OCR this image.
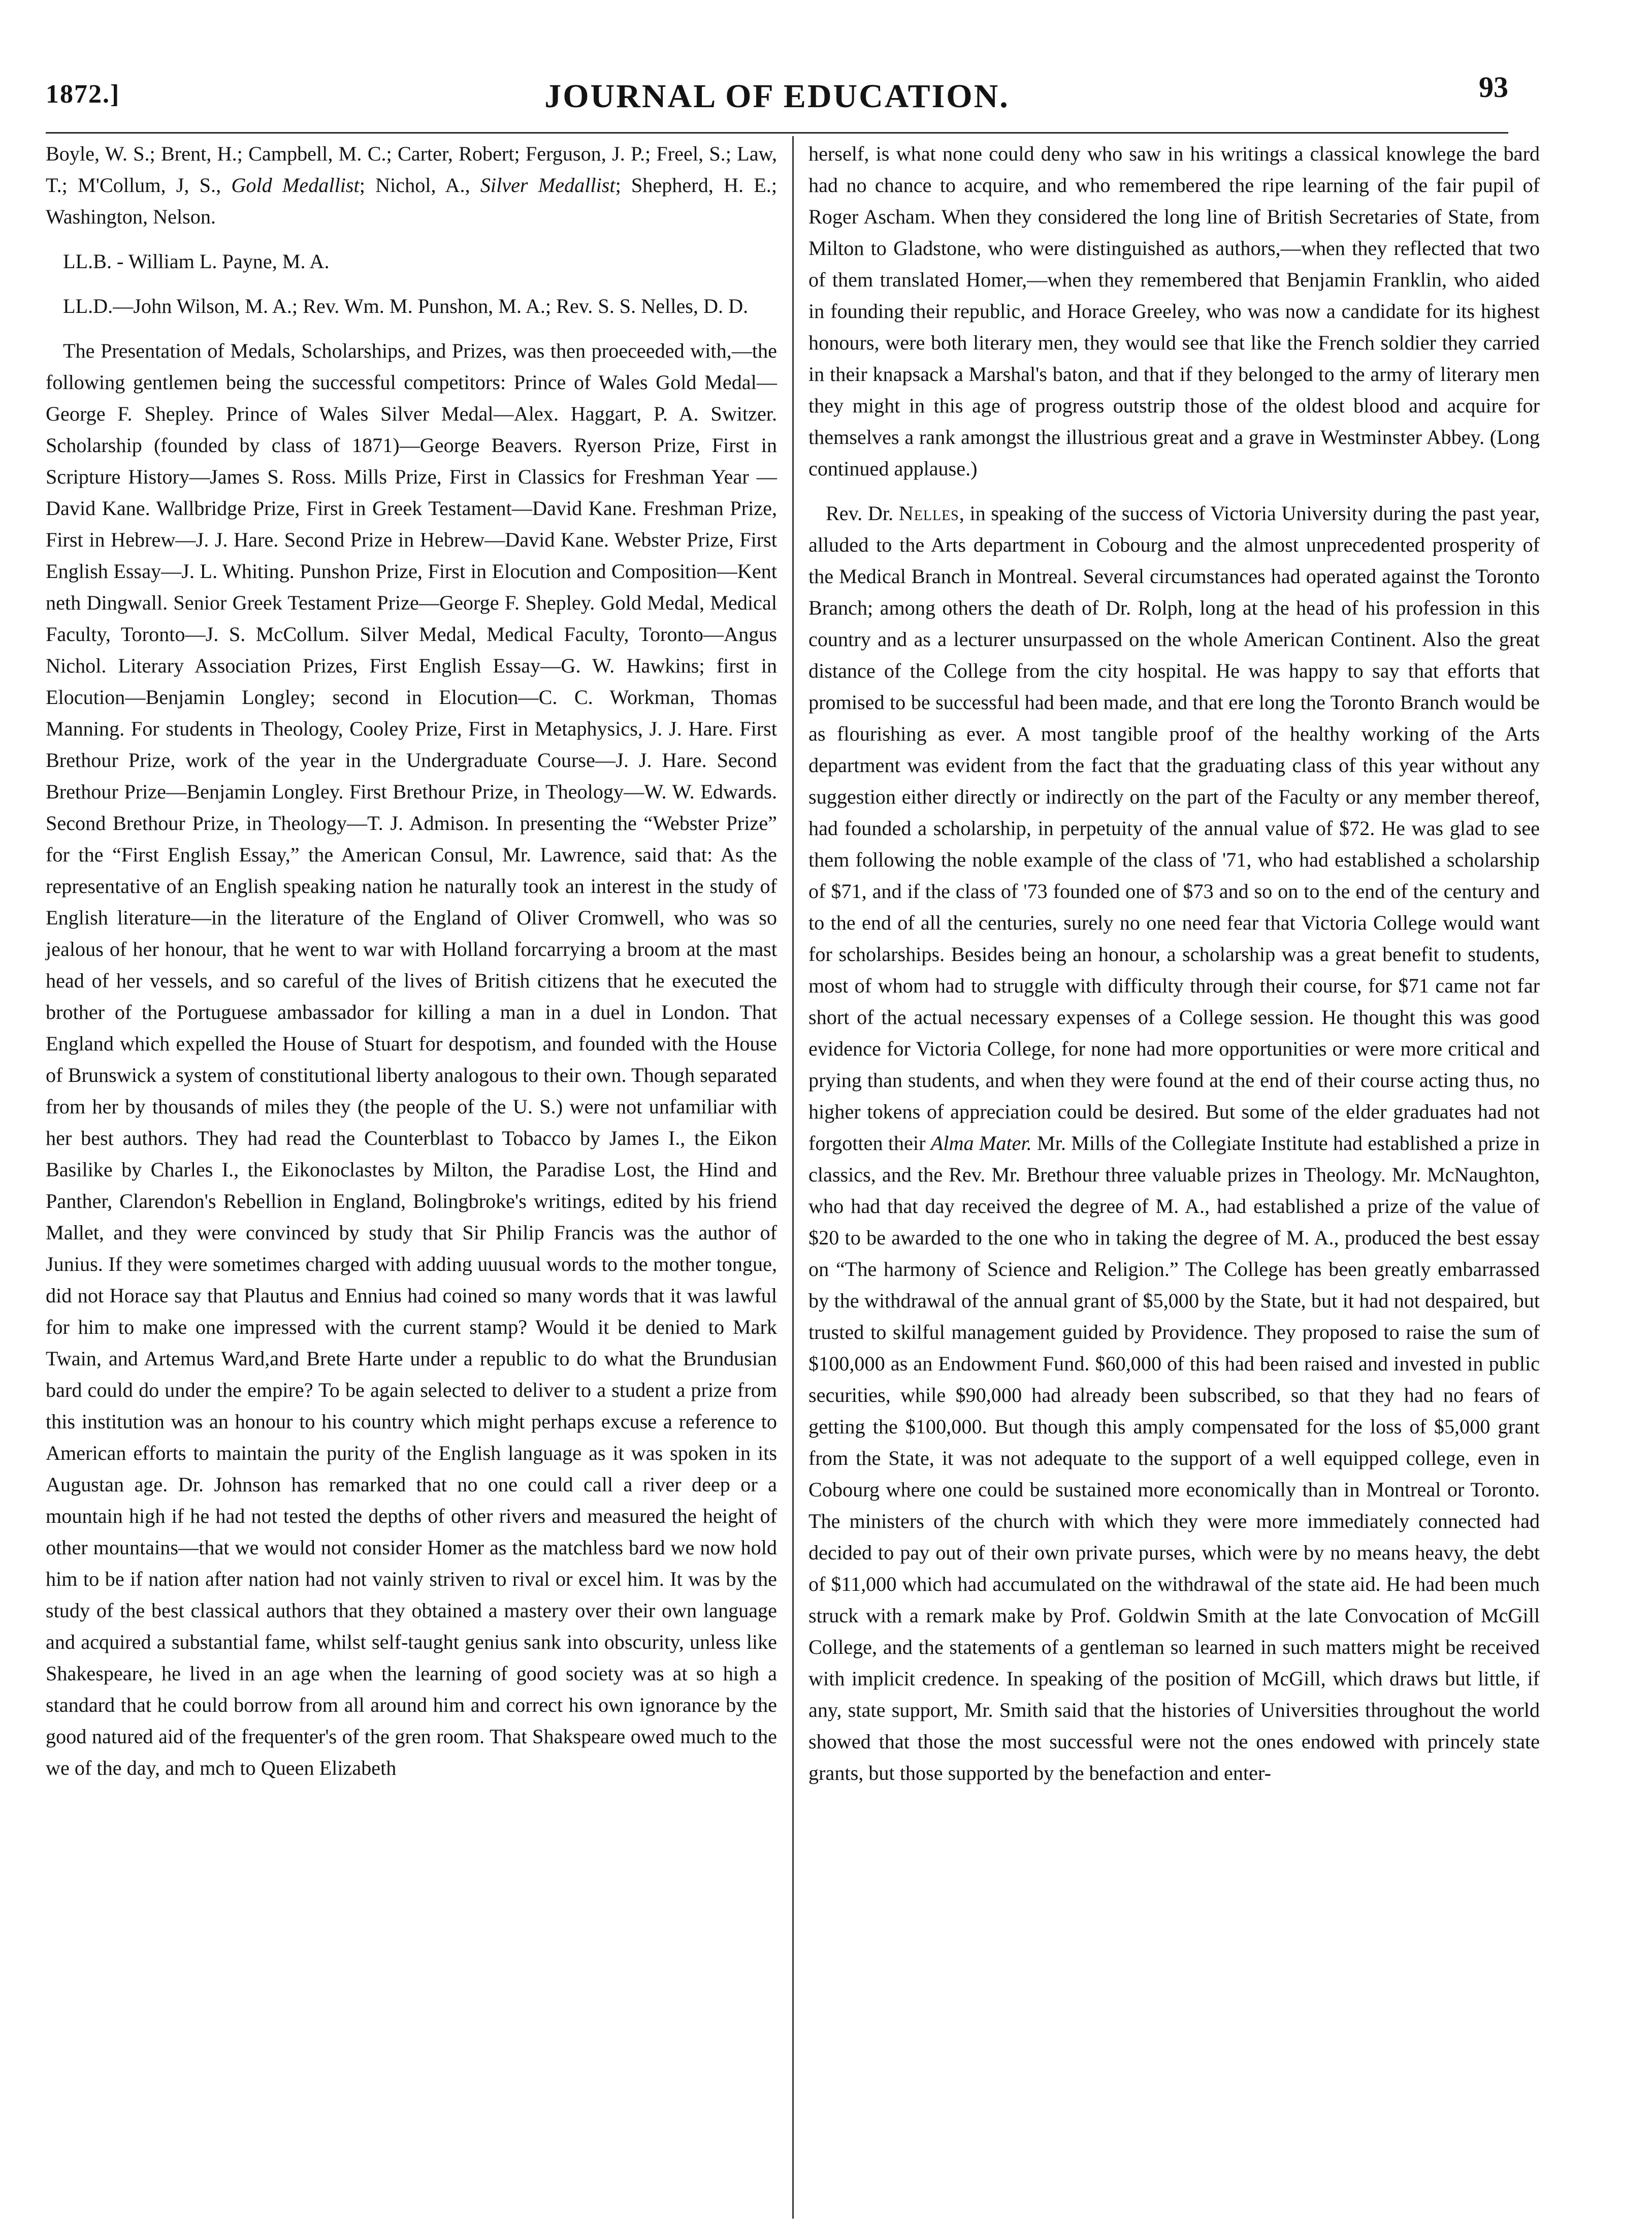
1872.]	JOURNAL OF EDUCATION.	93

Boyle, W. S.; Brent, H.; Campbell, M. C.; Carter, Robert; Ferguson, J. P.; Freel, S.; Law, T.; M'Collum, J, S., Gold Medallist; Nichol, A., Silver Medallist; Shepherd, H. E.; Washington, Nelson.

LL.B. - William L. Payne, M. A.

LL.D.—John Wilson, M. A.; Rev. Wm. M. Punshon, M. A.; Rev. S. S. Nelles, D. D.

The Presentation of Medals, Scholarships, and Prizes, was then proeceeded with,—the following gentlemen being the successful competitors: Prince of Wales Gold Medal—George F. Shepley. Prince of Wales Silver Medal—Alex. Haggart, P. A. Switzer. Scholarship (founded by class of 1871)—George Beavers. Ryerson Prize, First in Scripture History—James S. Ross. Mills Prize, First in Classics for Freshman Year —David Kane. Wallbridge Prize, First in Greek Testament—David Kane. Freshman Prize, First in Hebrew—J. J. Hare. Second Prize in Hebrew—David Kane. Webster Prize, First English Essay—J. L. Whiting. Punshon Prize, First in Elocution and Composition—Kent neth Dingwall. Senior Greek Testament Prize—George F. Shepley. Gold Medal, Medical Faculty, Toronto—J. S. McCollum. Silver Medal, Medical Faculty, Toronto—Angus Nichol. Literary Association Prizes, First English Essay—G. W. Hawkins; first in Elocution—Benjamin Longley; second in Elocution—C. C. Workman, Thomas Manning. For students in Theology, Cooley Prize, First in Metaphysics, J. J. Hare. First Brethour Prize, work of the year in the Undergraduate Course—J. J. Hare. Second Brethour Prize—Benjamin Longley. First Brethour Prize, in Theology—W. W. Edwards. Second Brethour Prize, in Theology—T. J. Admison. In presenting the “Webster Prize” for the “First English Essay,” the American Consul, Mr. Lawrence, said that: As the representative of an English speaking nation he naturally took an interest in the study of English literature—in the literature of the England of Oliver Cromwell, who was so jealous of her honour, that he went to war with Holland forcarrying a broom at the mast head of her vessels, and so careful of the lives of British citizens that he executed the brother of the Portuguese ambassador for killing a man in a duel in London. That England which expelled the House of Stuart for despotism, and founded with the House of Brunswick a system of constitutional liberty analogous to their own. Though separated from her by thousands of miles they (the people of the U. S.) were not unfamiliar with her best authors. They had read the Counterblast to Tobacco by James I., the Eikon Basilike by Charles I., the Eikonoclastes by Milton, the Paradise Lost, the Hind and Panther, Clarendon's Rebellion in England, Bolingbroke's writings, edited by his friend Mallet, and they were convinced by study that Sir Philip Francis was the author of Junius. If they were sometimes charged with adding uuusual words to the mother tongue, did not Horace say that Plautus and Ennius had coined so many words that it was lawful for him to make one impressed with the current stamp? Would it be denied to Mark Twain, and Artemus Ward,and Brete Harte under a republic to do what the Brundusian bard could do under the empire? To be again selected to deliver to a student a prize from this institution was an honour to his country which might perhaps excuse a reference to American efforts to maintain the purity of the English language as it was spoken in its Augustan age. Dr. Johnson has remarked that no one could call a river deep or a mountain high if he had not tested the depths of other rivers and measured the height of other mountains—that we would not consider Homer as the matchless bard we now hold him to be if nation after nation had not vainly striven to rival or excel him. It was by the study of the best classical authors that they obtained a mastery over their own language and acquired a substantial fame, whilst self-taught genius sank into obscurity, unless like Shakespeare, he lived in an age when the learning of good society was at so high a standard that he could borrow from all around him and correct his own ignorance by the good natured aid of the frequenter's of the gren room. That Shakspeare owed much to the we of the day, and mch to Queen Elizabeth

herself, is what none could deny who saw in his writings a classical knowlege the bard had no chance to acquire, and who remembered the ripe learning of the fair pupil of Roger Ascham. When they considered the long line of British Secretaries of State, from Milton to Gladstone, who were distinguished as authors,—when they reflected that two of them translated Homer,—when they remembered that Benjamin Franklin, who aided in founding their republic, and Horace Greeley, who was now a candidate for its highest honours, were both literary men, they would see that like the French soldier they carried in their knapsack a Marshal's baton, and that if they belonged to the army of literary men they might in this age of progress outstrip those of the oldest blood and acquire for themselves a rank amongst the illustrious great and a grave in Westminster Abbey. (Long continued applause.)

Rev. Dr. Nelles, in speaking of the success of Victoria University during the past year, alluded to the Arts department in Cobourg and the almost unprecedented prosperity of the Medical Branch in Montreal. Several circumstances had operated against the Toronto Branch; among others the death of Dr. Rolph, long at the head of his profession in this country and as a lecturer unsurpassed on the whole American Continent. Also the great distance of the College from the city hospital. He was happy to say that efforts that promised to be successful had been made, and that ere long the Toronto Branch would be as flourishing as ever. A most tangible proof of the healthy working of the Arts department was evident from the fact that the graduating class of this year without any suggestion either directly or indirectly on the part of the Faculty or any member thereof, had founded a scholarship, in perpetuity of the annual value of $72. He was glad to see them following the noble example of the class of '71, who had established a scholarship of $71, and if the class of '73 founded one of $73 and so on to the end of the century and to the end of all the centuries, surely no one need fear that Victoria College would want for scholarships. Besides being an honour, a scholarship was a great benefit to students, most of whom had to struggle with difficulty through their course, for $71 came not far short of the actual necessary expenses of a College session. He thought this was good evidence for Victoria College, for none had more opportunities or were more critical and prying than students, and when they were found at the end of their course acting thus, no higher tokens of appreciation could be desired. But some of the elder graduates had not forgotten their Alma Mater. Mr. Mills of the Collegiate Institute had established a prize in classics, and the Rev. Mr. Brethour three valuable prizes in Theology. Mr. McNaughton, who had that day received the degree of M. A., had established a prize of the value of $20 to be awarded to the one who in taking the degree of M. A., produced the best essay on “The harmony of Science and Religion.” The College has been greatly embarrassed by the withdrawal of the annual grant of $5,000 by the State, but it had not despaired, but trusted to skilful management guided by Providence. They proposed to raise the sum of $100,000 as an Endowment Fund. $60,000 of this had been raised and invested in public securities, while $90,000 had already been subscribed, so that they had no fears of getting the $100,000. But though this amply compensated for the loss of $5,000 grant from the State, it was not adequate to the support of a well equipped college, even in Cobourg where one could be sustained more economically than in Montreal or Toronto. The ministers of the church with which they were more immediately connected had decided to pay out of their own private purses, which were by no means heavy, the debt of $11,000 which had accumulated on the withdrawal of the state aid. He had been much struck with a remark make by Prof. Goldwin Smith at the late Convocation of McGill College, and the statements of a gentleman so learned in such matters might be received with implicit credence. In speaking of the position of McGill, which draws but little, if any, state support, Mr. Smith said that the histories of Universities throughout the world showed that those the most successful were not the ones endowed with princely state grants, but those supported by the benefaction and enter-
